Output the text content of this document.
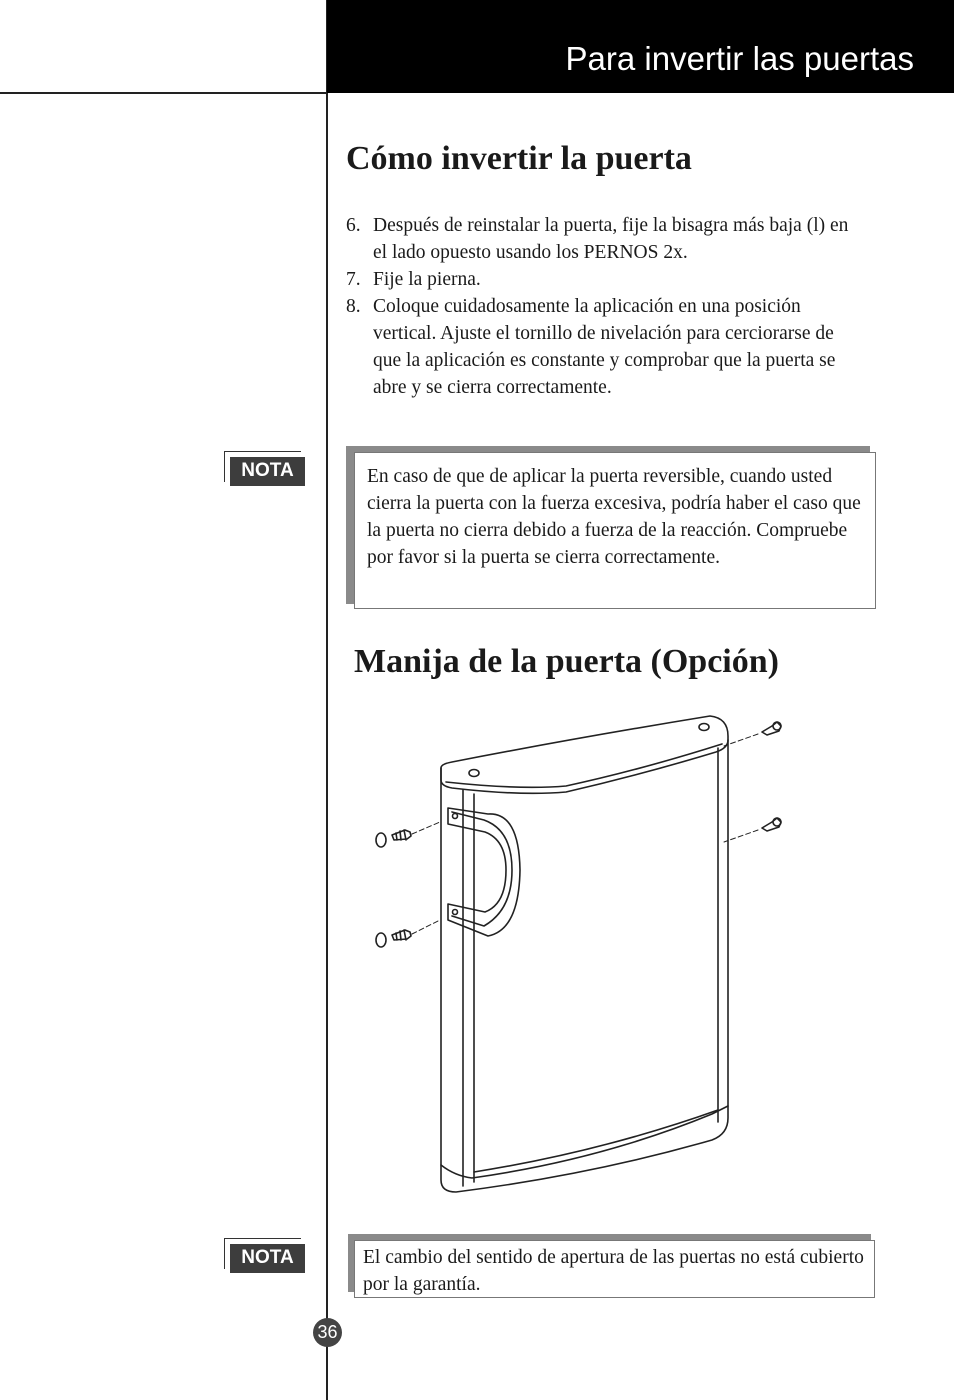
Para invertir las puertas
Cómo invertir la puerta
6. Después de reinstalar la puerta, fije la bisagra más baja (l) en el lado opuesto usando los PERNOS 2x.
7. Fije la pierna.
8. Coloque cuidadosamente la aplicación en una posición vertical. Ajuste el tornillo de nivelación para cerciorarse de que la aplicación es constante y comprobar que la puerta se abre y se cierra correctamente.
NOTA	En caso de que de aplicar la puerta reversible, cuando usted cierra la puerta con la fuerza excesiva, podría haber el caso que la puerta no cierra debido a fuerza de la reacción. Compruebe por favor si la puerta se cierra correctamente.
Manija de la puerta (Opción)
NOTA	El cambio del sentido de apertura de las puertas no está cubierto por la garantía.
36
